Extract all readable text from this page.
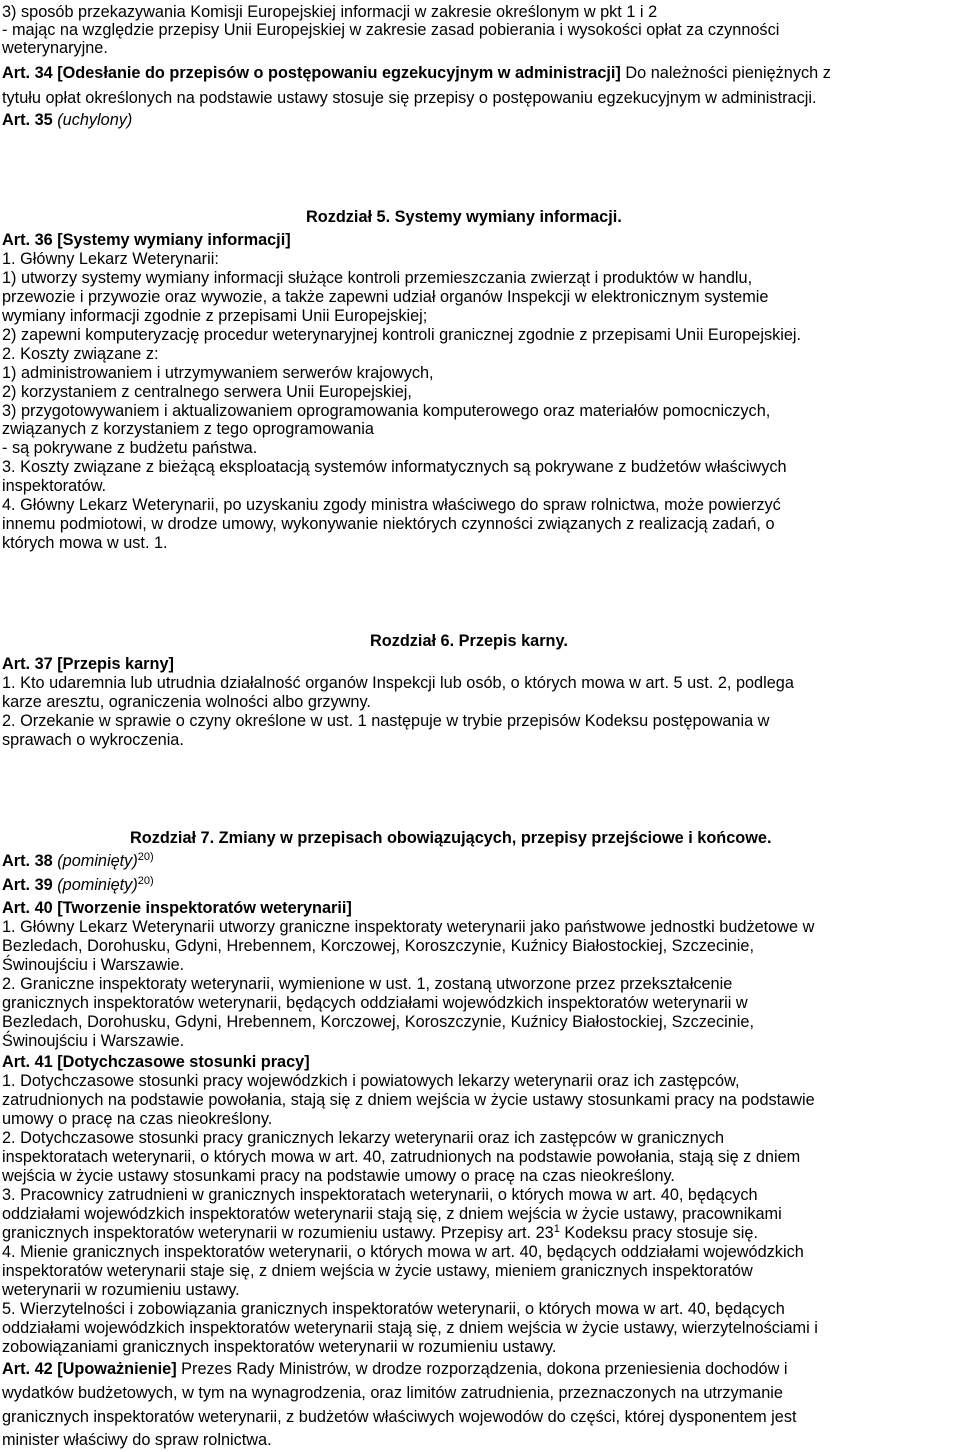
3) sposób przekazywania Komisji Europejskiej informacji w zakresie określonym w pkt 1 i 2
- mając na względzie przepisy Unii Europejskiej w zakresie zasad pobierania i wysokości opłat za czynności
weterynaryjne.
Art. 34 [Odesłanie do przepisów o postępowaniu egzekucyjnym w administracji] Do należności pieniężnych z
tytułu opłat określonych na podstawie ustawy stosuje się przepisy o postępowaniu egzekucyjnym w administracji.
Art. 35 (uchylony)
Rozdział 5. Systemy wymiany informacji.
Art. 36 [Systemy wymiany informacji]
1. Główny Lekarz Weterynarii:
1) utworzy systemy wymiany informacji służące kontroli przemieszczania zwierząt i produktów w handlu,
przewozie i przywozie oraz wywozie, a także zapewni udział organów Inspekcji w elektronicznym systemie
wymiany informacji zgodnie z przepisami Unii Europejskiej;
2) zapewni komputeryzację procedur weterynaryjnej kontroli granicznej zgodnie z przepisami Unii Europejskiej.
2. Koszty związane z:
1) administrowaniem i utrzymywaniem serwerów krajowych,
2) korzystaniem z centralnego serwera Unii Europejskiej,
3) przygotowywaniem i aktualizowaniem oprogramowania komputerowego oraz materiałów pomocniczych,
związanych z korzystaniem z tego oprogramowania
- są pokrywane z budżetu państwa.
3. Koszty związane z bieżącą eksploatacją systemów informatycznych są pokrywane z budżetów właściwych
inspektoratów.
4. Główny Lekarz Weterynarii, po uzyskaniu zgody ministra właściwego do spraw rolnictwa, może powierzyć
innemu podmiotowi, w drodze umowy, wykonywanie niektórych czynności związanych z realizacją zadań, o
których mowa w ust. 1.
Rozdział 6. Przepis karny.
Art. 37 [Przepis karny]
1. Kto udaremnia lub utrudnia działalność organów Inspekcji lub osób, o których mowa w art. 5 ust. 2, podlega
karze aresztu, ograniczenia wolności albo grzywny.
2. Orzekanie w sprawie o czyny określone w ust. 1 następuje w trybie przepisów Kodeksu postępowania w
sprawach o wykroczenia.
Rozdział 7. Zmiany w przepisach obowiązujących, przepisy przejściowe i końcowe.
Art. 38 (pominięty)$^{20)}$
Art. 39 (pominięty)$^{20)}$
Art. 40 [Tworzenie inspektoratów weterynarii]
1. Główny Lekarz Weterynarii utworzy graniczne inspektoraty weterynarii jako państwowe jednostki budżetowe w
Bezledach, Dorohusku, Gdyni, Hrebennem, Korczowej, Koroszczynie, Kuźnicy Białostockiej, Szczecinie,
Świnoujściu i Warszawie.
2. Graniczne inspektoraty weterynarii, wymienione w ust. 1, zostaną utworzone przez przekształcenie
granicznych inspektoratów weterynarii, będących oddziałami wojewódzkich inspektoratów weterynarii w
Bezledach, Dorohusku, Gdyni, Hrebennem, Korczowej, Koroszczynie, Kuźnicy Białostockiej, Szczecinie,
Świnoujściu i Warszawie.
Art. 41 [Dotychczasowe stosunki pracy]
1. Dotychczasowe stosunki pracy wojewódzkich i powiatowych lekarzy weterynarii oraz ich zastępców,
zatrudnionych na podstawie powołania, stają się z dniem wejścia w życie ustawy stosunkami pracy na podstawie
umowy o pracę na czas nieokreślony.
2. Dotychczasowe stosunki pracy granicznych lekarzy weterynarii oraz ich zastępców w granicznych
inspektoratach weterynarii, o których mowa w art. 40, zatrudnionych na podstawie powołania, stają się z dniem
wejścia w życie ustawy stosunkami pracy na podstawie umowy o pracę na czas nieokreślony.
3. Pracownicy zatrudnieni w granicznych inspektoratach weterynarii, o których mowa w art. 40, będących
oddziałami wojewódzkich inspektoratów weterynarii stają się, z dniem wejścia w życie ustawy, pracownikami
granicznych inspektoratów weterynarii w rozumieniu ustawy. Przepisy art. $23^1$ Kodeksu pracy stosuje się.
4. Mienie granicznych inspektoratów weterynarii, o których mowa w art. 40, będących oddziałami wojewódzkich
inspektoratów weterynarii staje się, z dniem wejścia w życie ustawy, mieniem granicznych inspektoratów
weterynarii w rozumieniu ustawy.
5. Wierzytelności i zobowiązania granicznych inspektoratów weterynarii, o których mowa w art. 40, będących
oddziałami wojewódzkich inspektoratów weterynarii stają się, z dniem wejścia w życie ustawy, wierzytelnościami i
zobowiązaniami granicznych inspektoratów weterynarii w rozumieniu ustawy.
Art. 42 [Upoważnienie] Prezes Rady Ministrów, w drodze rozporządzenia, dokona przeniesienia dochodów i
wydatków budżetowych, w tym na wynagrodzenia, oraz limitów zatrudnienia, przeznaczonych na utrzymanie
granicznych inspektoratów weterynarii, z budżetów właściwych wojewodów do części, której dysponentem jest
minister właściwy do spraw rolnictwa.
